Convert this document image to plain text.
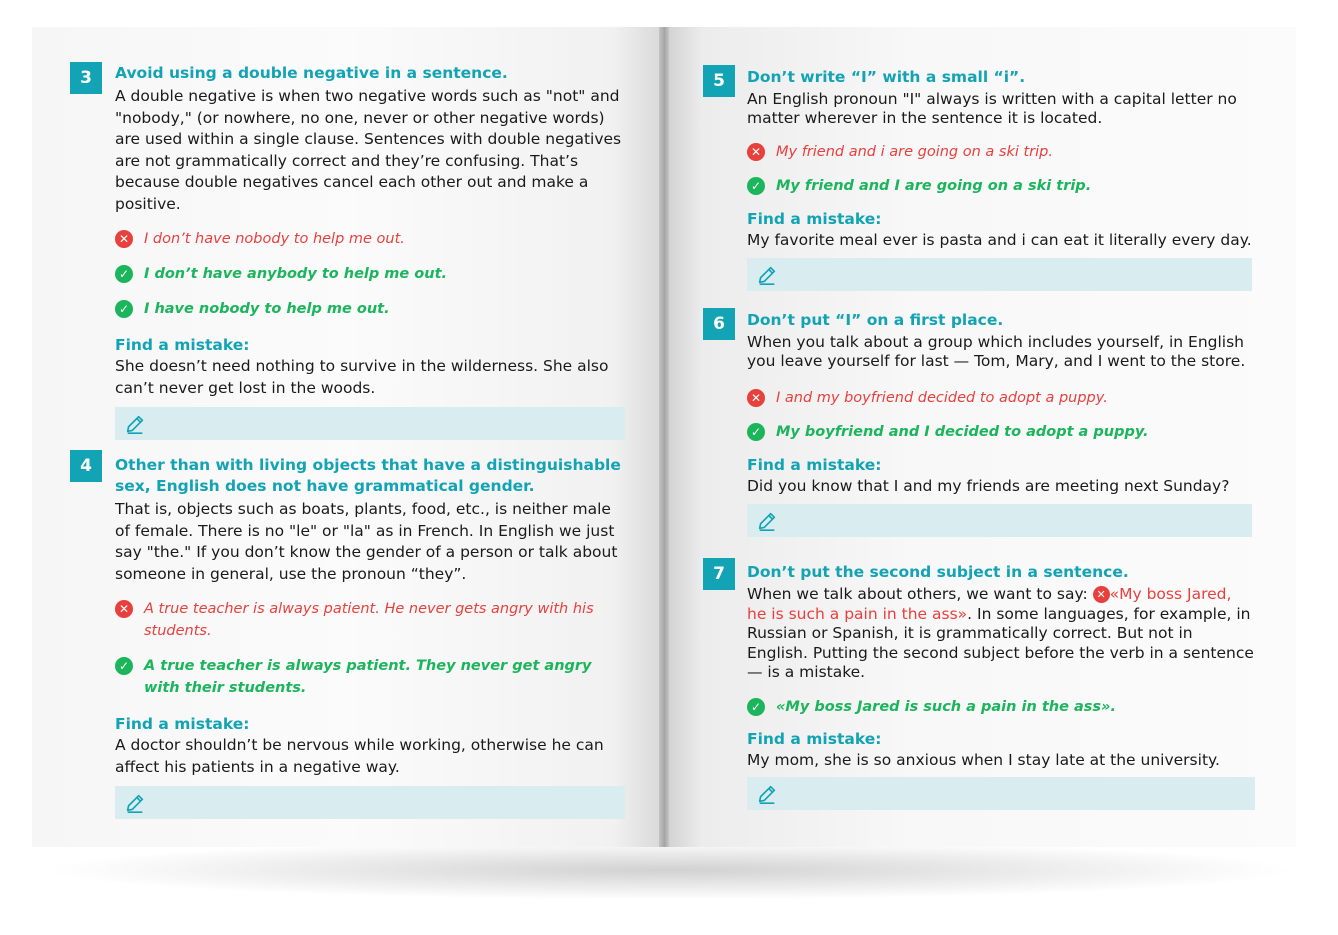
3	Avoid using a double negative in a sentence.

A double negative is when two negative words such as "not" and "nobody," (or nowhere, no one, never or other negative words) are used within a single clause. Sentences with double negatives are not grammatically correct and they’re confusing. That’s because double negatives cancel each other out and make a positive.

✕ I don’t have nobody to help me out.
✓ I don’t have anybody to help me out.
✓ I have nobody to help me out.

Find a mistake:

She doesn’t need nothing to survive in the wilderness. She also can’t never get lost in the woods.

4	Other than with living objects that have a distinguishable sex, English does not have grammatical gender.

That is, objects such as boats, plants, food, etc., is neither male of female. There is no "le" or "la" as in French. In English we just say "the." If you don’t know the gender of a person or talk about someone in general, use the pronoun “they”.

✕ A true teacher is always patient. He never gets angry with his students.
✓ A true teacher is always patient. They never get angry with their students.

Find a mistake:

A doctor shouldn’t be nervous while working, otherwise he can affect his patients in a negative way.

5	Don’t write “I” with a small “i”.

An English pronoun "I" always is written with a capital letter no matter wherever in the sentence it is located.

✕ My friend and i are going on a ski trip.
✓ My friend and I are going on a ski trip.

Find a mistake:

My favorite meal ever is pasta and i can eat it literally every day.

6	Don’t put “I” on a first place.

When you talk about a group which includes yourself, in English you leave yourself for last — Tom, Mary, and I went to the store.

✕ I and my boyfriend decided to adopt a puppy.
✓ My boyfriend and I decided to adopt a puppy.

Find a mistake:

Did you know that I and my friends are meeting next Sunday?

7	Don’t put the second subject in a sentence.

When we talk about others, we want to say: ✕ «My boss Jared, he is such a pain in the ass». In some languages, for example, in Russian or Spanish, it is grammatically correct. But not in English. Putting the second subject before the verb in a sentence — is a mistake.

✓ «My boss Jared is such a pain in the ass».

Find a mistake:

My mom, she is so anxious when I stay late at the university.
